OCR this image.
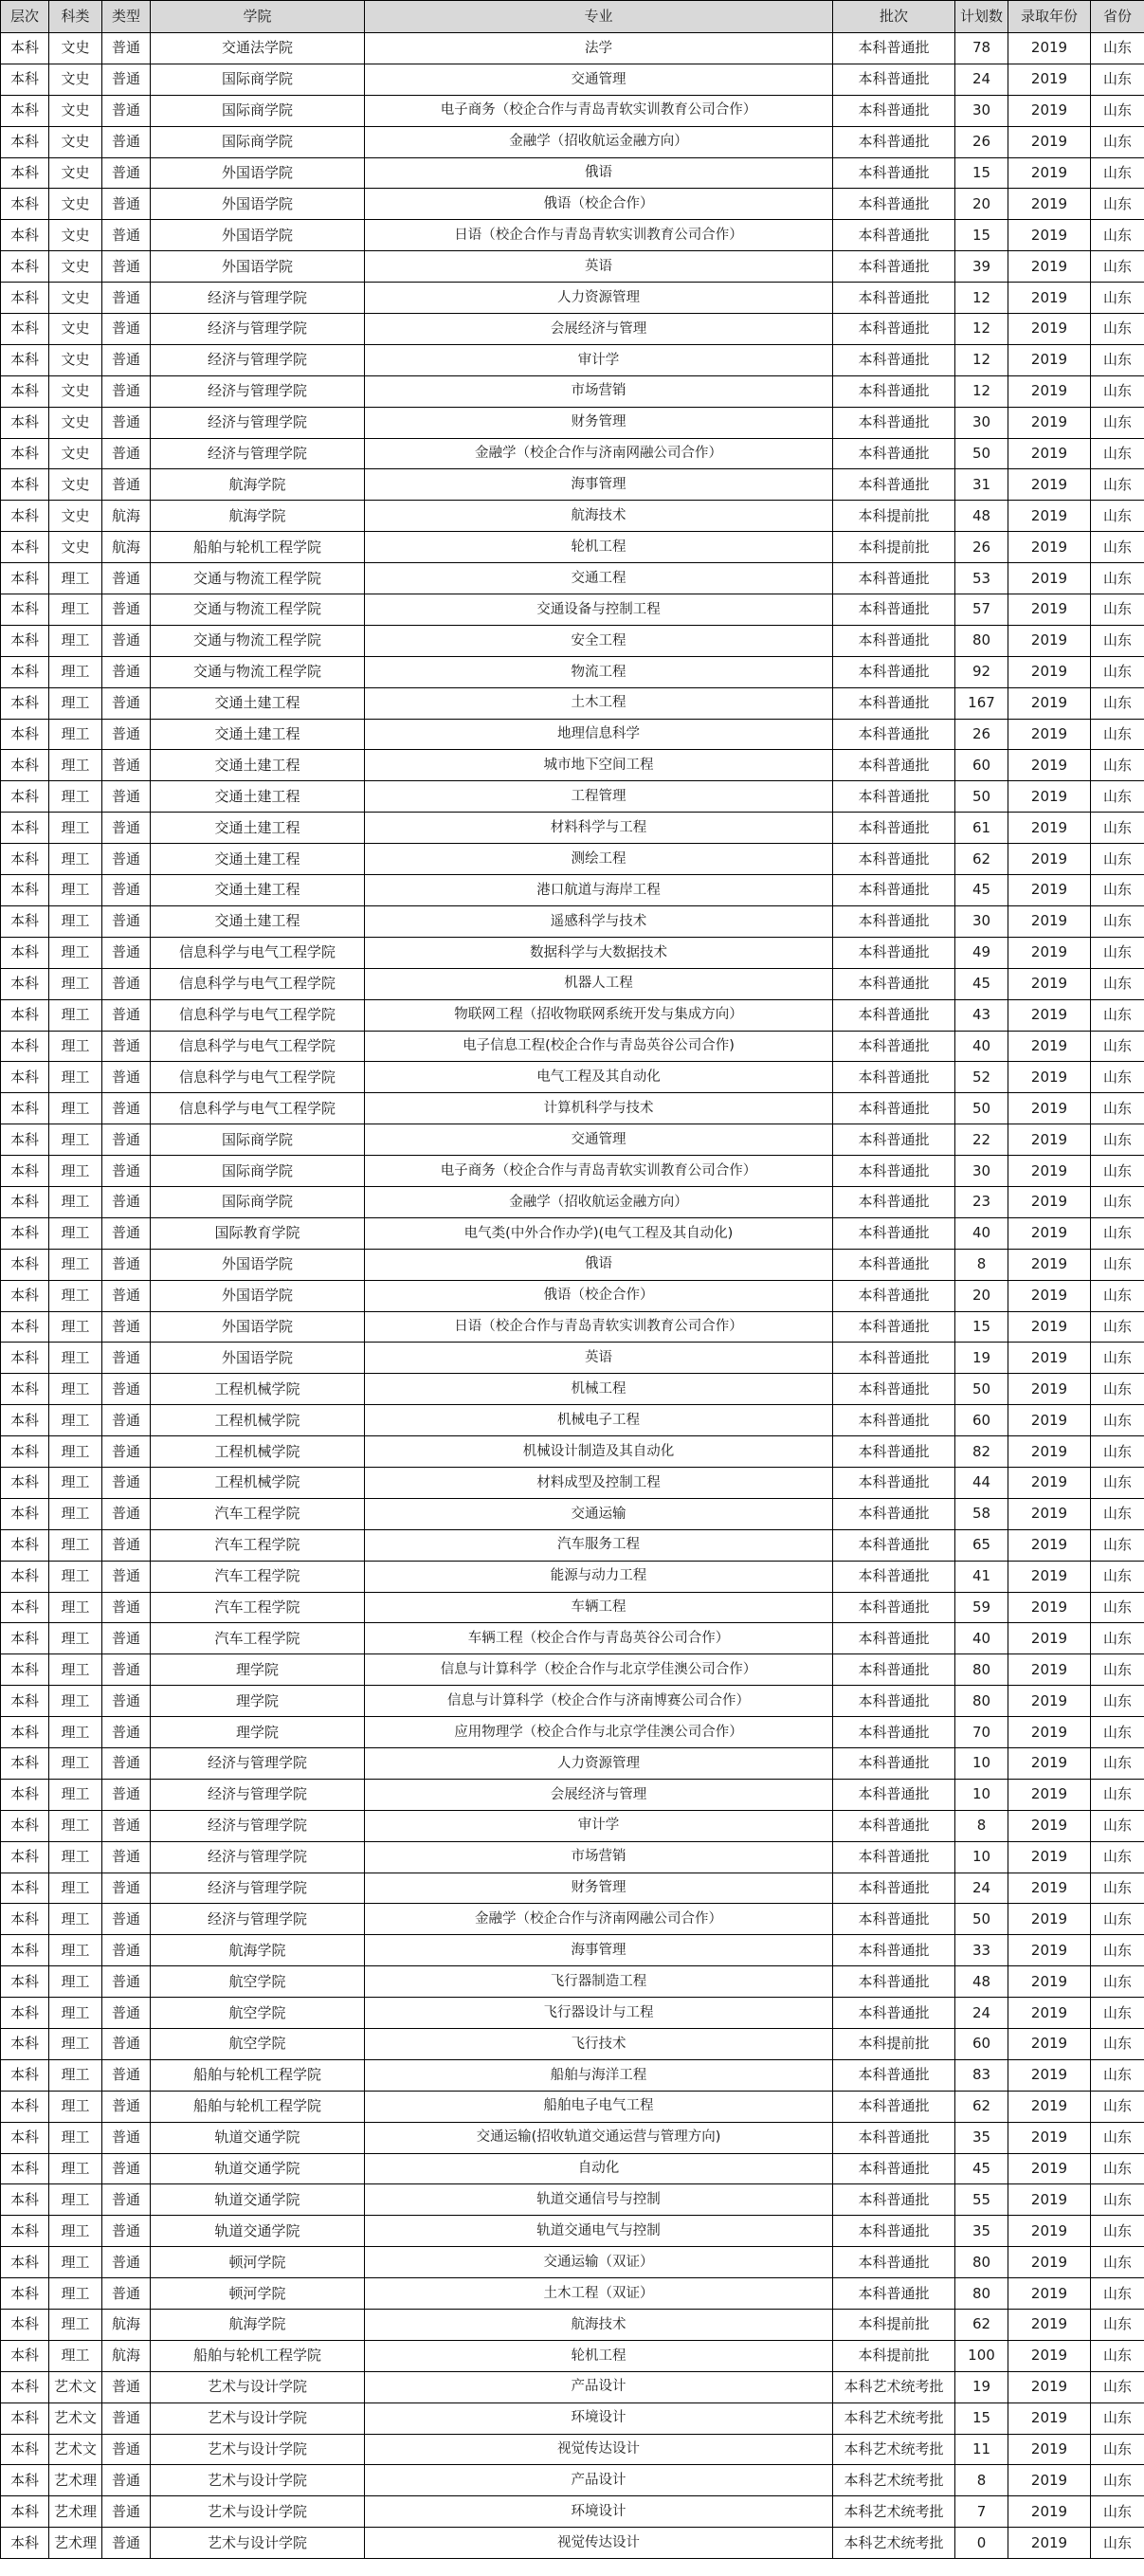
层次	科类	类型	学院	专业	批次	计划数	录取年份	省份
本科	文史	普通	交通法学院	法学	本科普通批	78	2019	山东
本科	文史	普通	国际商学院	交通管理	本科普通批	24	2019	山东
本科	文史	普通	国际商学院	电子商务（校企合作与青岛青软实训教育公司合作）	本科普通批	30	2019	山东
本科	文史	普通	国际商学院	金融学（招收航运金融方向）	本科普通批	26	2019	山东
本科	文史	普通	外国语学院	俄语	本科普通批	15	2019	山东
本科	文史	普通	外国语学院	俄语（校企合作）	本科普通批	20	2019	山东
本科	文史	普通	外国语学院	日语（校企合作与青岛青软实训教育公司合作）	本科普通批	15	2019	山东
本科	文史	普通	外国语学院	英语	本科普通批	39	2019	山东
本科	文史	普通	经济与管理学院	人力资源管理	本科普通批	12	2019	山东
本科	文史	普通	经济与管理学院	会展经济与管理	本科普通批	12	2019	山东
本科	文史	普通	经济与管理学院	审计学	本科普通批	12	2019	山东
本科	文史	普通	经济与管理学院	市场营销	本科普通批	12	2019	山东
本科	文史	普通	经济与管理学院	财务管理	本科普通批	30	2019	山东
本科	文史	普通	经济与管理学院	金融学（校企合作与济南网融公司合作）	本科普通批	50	2019	山东
本科	文史	普通	航海学院	海事管理	本科普通批	31	2019	山东
本科	文史	航海	航海学院	航海技术	本科提前批	48	2019	山东
本科	文史	航海	船舶与轮机工程学院	轮机工程	本科提前批	26	2019	山东
本科	理工	普通	交通与物流工程学院	交通工程	本科普通批	53	2019	山东
本科	理工	普通	交通与物流工程学院	交通设备与控制工程	本科普通批	57	2019	山东
本科	理工	普通	交通与物流工程学院	安全工程	本科普通批	80	2019	山东
本科	理工	普通	交通与物流工程学院	物流工程	本科普通批	92	2019	山东
本科	理工	普通	交通土建工程	土木工程	本科普通批	167	2019	山东
本科	理工	普通	交通土建工程	地理信息科学	本科普通批	26	2019	山东
本科	理工	普通	交通土建工程	城市地下空间工程	本科普通批	60	2019	山东
本科	理工	普通	交通土建工程	工程管理	本科普通批	50	2019	山东
本科	理工	普通	交通土建工程	材料科学与工程	本科普通批	61	2019	山东
本科	理工	普通	交通土建工程	测绘工程	本科普通批	62	2019	山东
本科	理工	普通	交通土建工程	港口航道与海岸工程	本科普通批	45	2019	山东
本科	理工	普通	交通土建工程	遥感科学与技术	本科普通批	30	2019	山东
本科	理工	普通	信息科学与电气工程学院	数据科学与大数据技术	本科普通批	49	2019	山东
本科	理工	普通	信息科学与电气工程学院	机器人工程	本科普通批	45	2019	山东
本科	理工	普通	信息科学与电气工程学院	物联网工程（招收物联网系统开发与集成方向）	本科普通批	43	2019	山东
本科	理工	普通	信息科学与电气工程学院	电子信息工程(校企合作与青岛英谷公司合作)	本科普通批	40	2019	山东
本科	理工	普通	信息科学与电气工程学院	电气工程及其自动化	本科普通批	52	2019	山东
本科	理工	普通	信息科学与电气工程学院	计算机科学与技术	本科普通批	50	2019	山东
本科	理工	普通	国际商学院	交通管理	本科普通批	22	2019	山东
本科	理工	普通	国际商学院	电子商务（校企合作与青岛青软实训教育公司合作）	本科普通批	30	2019	山东
本科	理工	普通	国际商学院	金融学（招收航运金融方向）	本科普通批	23	2019	山东
本科	理工	普通	国际教育学院	电气类(中外合作办学)(电气工程及其自动化)	本科普通批	40	2019	山东
本科	理工	普通	外国语学院	俄语	本科普通批	8	2019	山东
本科	理工	普通	外国语学院	俄语（校企合作）	本科普通批	20	2019	山东
本科	理工	普通	外国语学院	日语（校企合作与青岛青软实训教育公司合作）	本科普通批	15	2019	山东
本科	理工	普通	外国语学院	英语	本科普通批	19	2019	山东
本科	理工	普通	工程机械学院	机械工程	本科普通批	50	2019	山东
本科	理工	普通	工程机械学院	机械电子工程	本科普通批	60	2019	山东
本科	理工	普通	工程机械学院	机械设计制造及其自动化	本科普通批	82	2019	山东
本科	理工	普通	工程机械学院	材料成型及控制工程	本科普通批	44	2019	山东
本科	理工	普通	汽车工程学院	交通运输	本科普通批	58	2019	山东
本科	理工	普通	汽车工程学院	汽车服务工程	本科普通批	65	2019	山东
本科	理工	普通	汽车工程学院	能源与动力工程	本科普通批	41	2019	山东
本科	理工	普通	汽车工程学院	车辆工程	本科普通批	59	2019	山东
本科	理工	普通	汽车工程学院	车辆工程（校企合作与青岛英谷公司合作）	本科普通批	40	2019	山东
本科	理工	普通	理学院	信息与计算科学（校企合作与北京学佳澳公司合作）	本科普通批	80	2019	山东
本科	理工	普通	理学院	信息与计算科学（校企合作与济南博赛公司合作）	本科普通批	80	2019	山东
本科	理工	普通	理学院	应用物理学（校企合作与北京学佳澳公司合作）	本科普通批	70	2019	山东
本科	理工	普通	经济与管理学院	人力资源管理	本科普通批	10	2019	山东
本科	理工	普通	经济与管理学院	会展经济与管理	本科普通批	10	2019	山东
本科	理工	普通	经济与管理学院	审计学	本科普通批	8	2019	山东
本科	理工	普通	经济与管理学院	市场营销	本科普通批	10	2019	山东
本科	理工	普通	经济与管理学院	财务管理	本科普通批	24	2019	山东
本科	理工	普通	经济与管理学院	金融学（校企合作与济南网融公司合作）	本科普通批	50	2019	山东
本科	理工	普通	航海学院	海事管理	本科普通批	33	2019	山东
本科	理工	普通	航空学院	飞行器制造工程	本科普通批	48	2019	山东
本科	理工	普通	航空学院	飞行器设计与工程	本科普通批	24	2019	山东
本科	理工	普通	航空学院	飞行技术	本科提前批	60	2019	山东
本科	理工	普通	船舶与轮机工程学院	船舶与海洋工程	本科普通批	83	2019	山东
本科	理工	普通	船舶与轮机工程学院	船舶电子电气工程	本科普通批	62	2019	山东
本科	理工	普通	轨道交通学院	交通运输(招收轨道交通运营与管理方向)	本科普通批	35	2019	山东
本科	理工	普通	轨道交通学院	自动化	本科普通批	45	2019	山东
本科	理工	普通	轨道交通学院	轨道交通信号与控制	本科普通批	55	2019	山东
本科	理工	普通	轨道交通学院	轨道交通电气与控制	本科普通批	35	2019	山东
本科	理工	普通	顿河学院	交通运输（双证）	本科普通批	80	2019	山东
本科	理工	普通	顿河学院	土木工程（双证）	本科普通批	80	2019	山东
本科	理工	航海	航海学院	航海技术	本科提前批	62	2019	山东
本科	理工	航海	船舶与轮机工程学院	轮机工程	本科提前批	100	2019	山东
本科	艺术文	普通	艺术与设计学院	产品设计	本科艺术统考批	19	2019	山东
本科	艺术文	普通	艺术与设计学院	环境设计	本科艺术统考批	15	2019	山东
本科	艺术文	普通	艺术与设计学院	视觉传达设计	本科艺术统考批	11	2019	山东
本科	艺术理	普通	艺术与设计学院	产品设计	本科艺术统考批	8	2019	山东
本科	艺术理	普通	艺术与设计学院	环境设计	本科艺术统考批	7	2019	山东
本科	艺术理	普通	艺术与设计学院	视觉传达设计	本科艺术统考批	0	2019	山东
